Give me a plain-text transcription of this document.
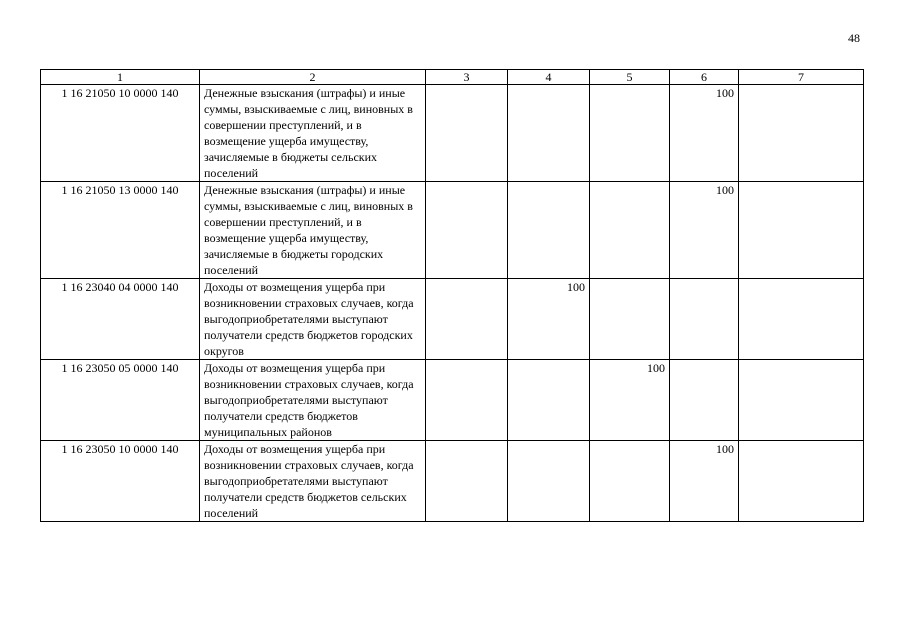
48
1	2	3	4	5	6	7
1 16 21050 10 0000 140	Денежные взыскания (штрафы) и иные суммы, взыскиваемые с лиц, виновных в совершении преступлений, и в возмещение ущерба имуществу, зачисляемые в бюджеты сельских поселений				100	
1 16 21050 13 0000 140	Денежные взыскания (штрафы) и иные суммы, взыскиваемые с лиц, виновных в совершении преступлений, и в возмещение ущерба имуществу, зачисляемые в бюджеты городских поселений				100	
1 16 23040 04 0000 140	Доходы от возмещения ущерба при возникновении страховых случаев, когда выгодоприобретателями выступают получатели средств бюджетов городских округов		100			
1 16 23050 05 0000 140	Доходы от возмещения ущерба при возникновении страховых случаев, когда выгодоприобретателями выступают получатели средств бюджетов муниципальных районов			100		
1 16 23050 10 0000 140	Доходы от возмещения ущерба при возникновении страховых случаев, когда выгодоприобретателями выступают получатели средств бюджетов сельских поселений				100	
